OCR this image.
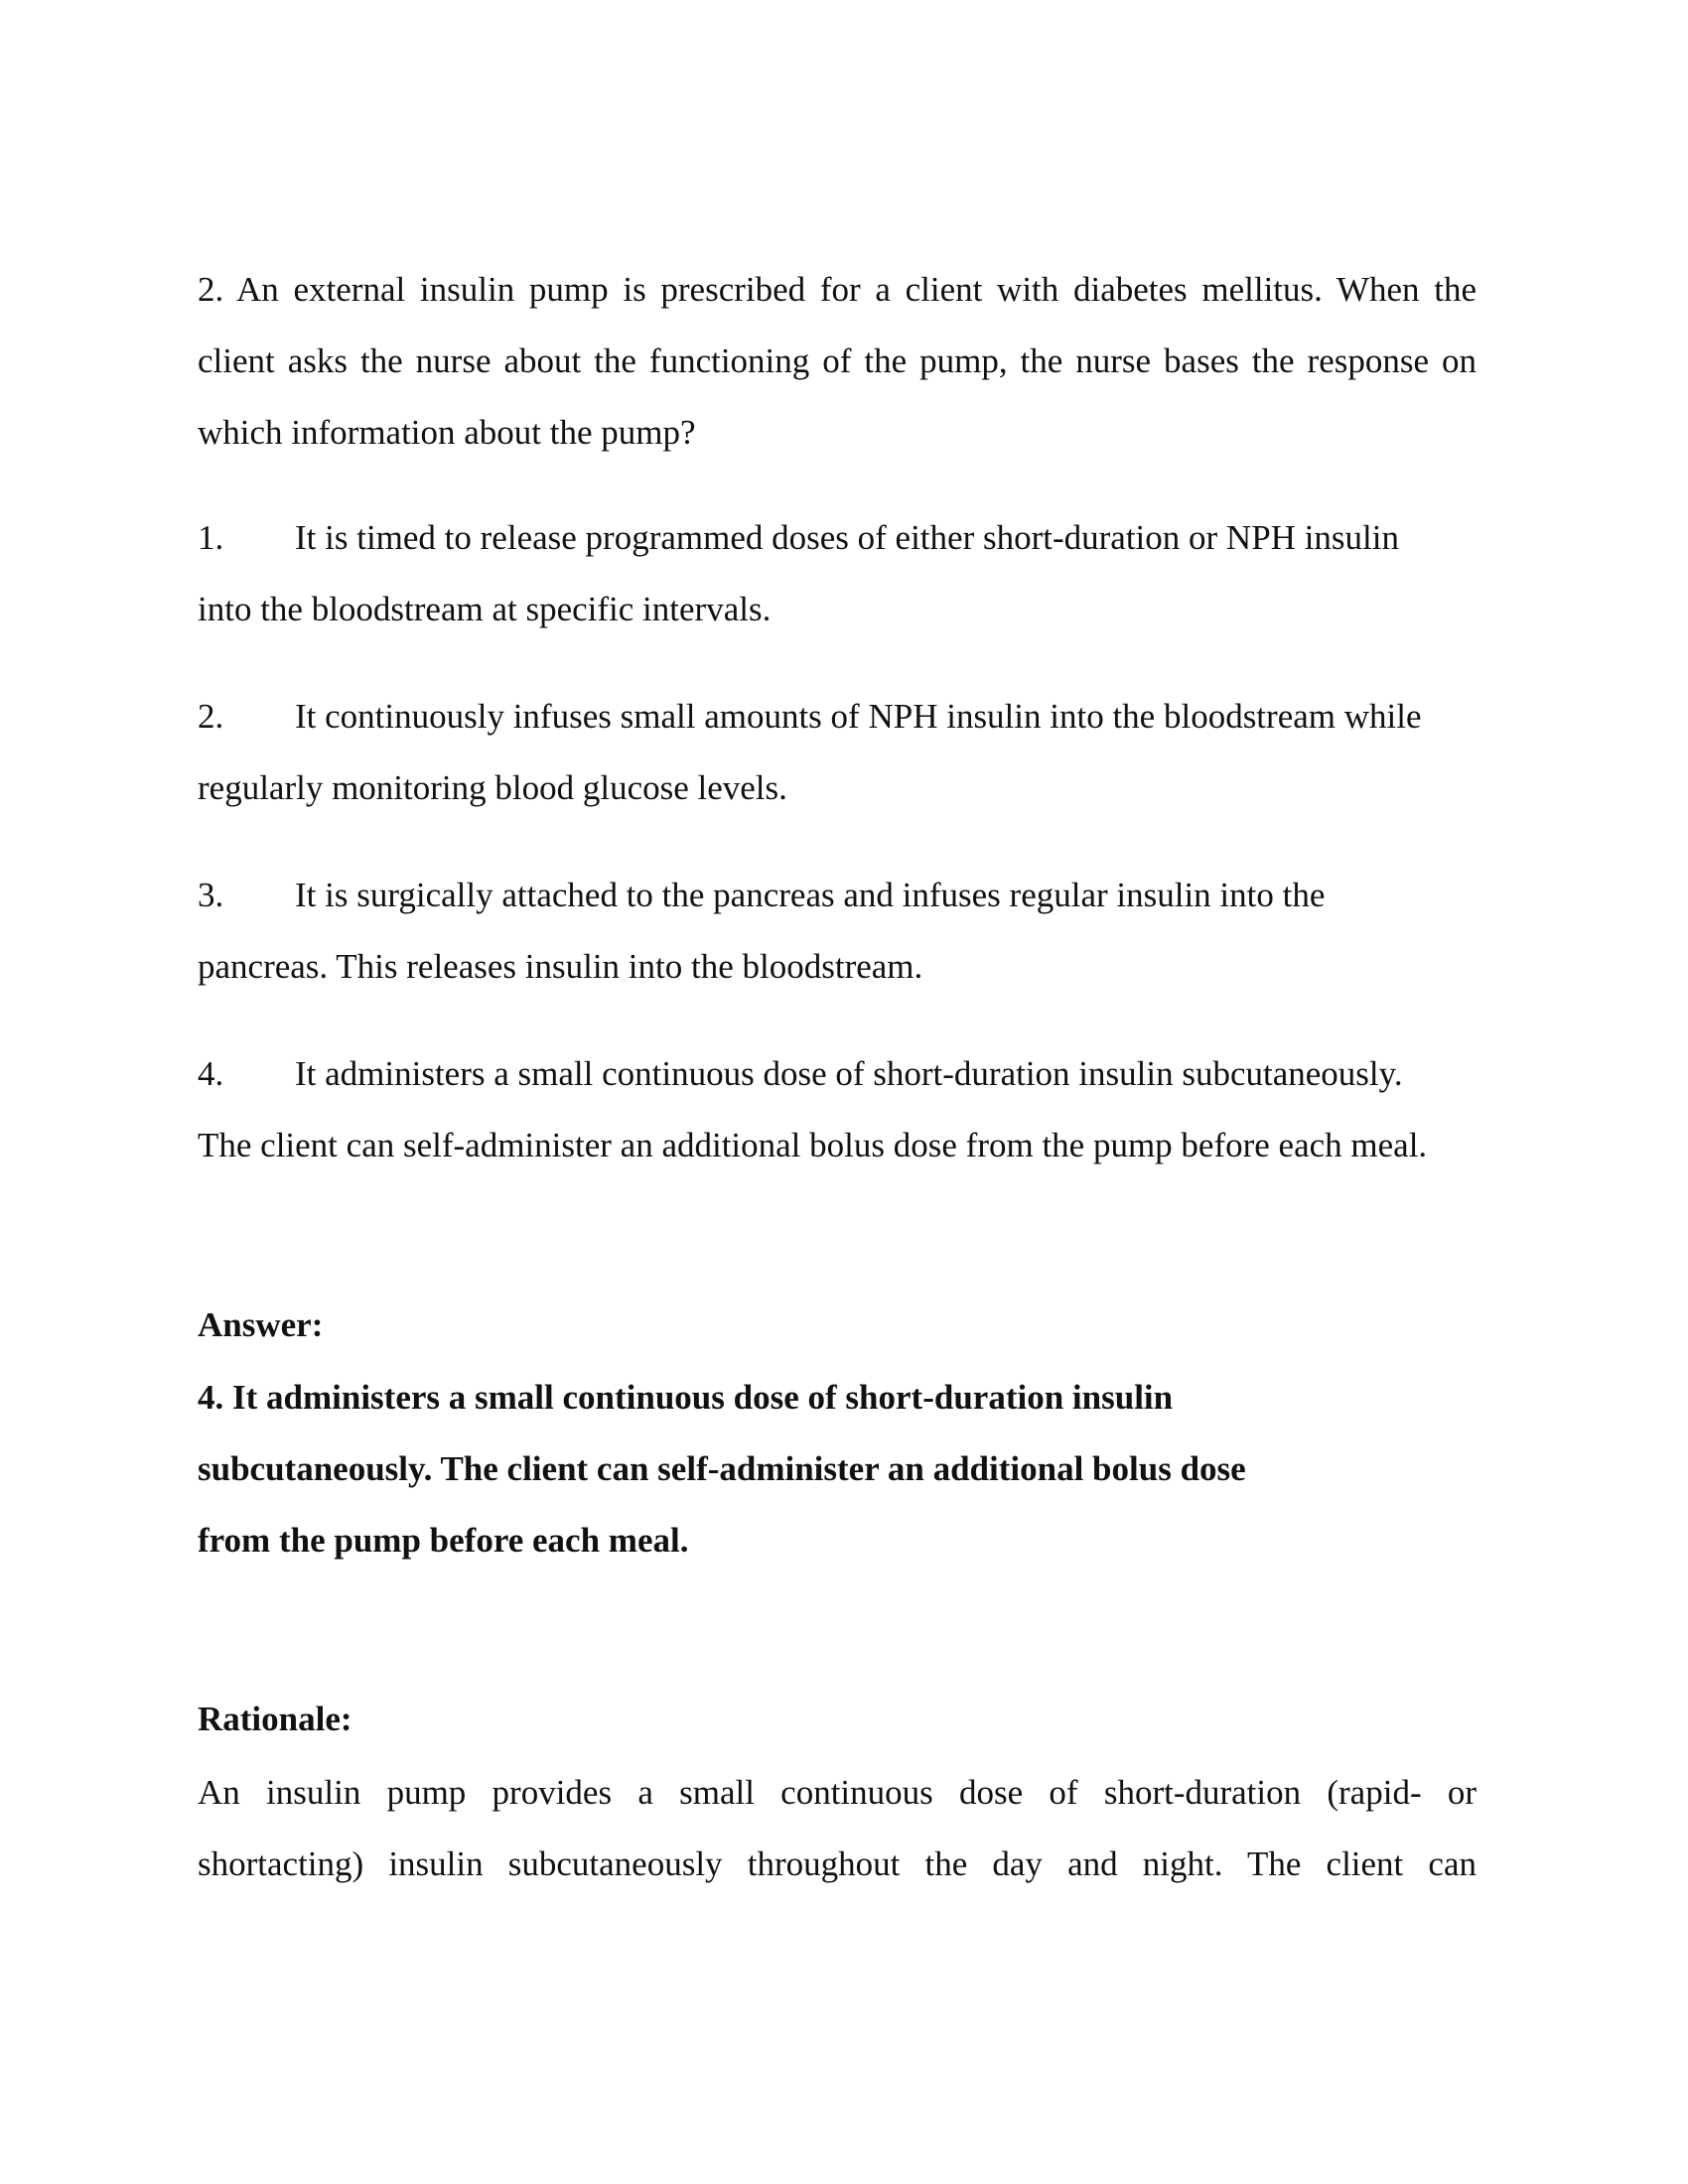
2. An external insulin pump is prescribed for a client with diabetes mellitus. When the
client asks the nurse about the functioning of the pump, the nurse bases the response on
which information about the pump?
1. It is timed to release programmed doses of either short-duration or NPH insulin
into the bloodstream at specific intervals.
2. It continuously infuses small amounts of NPH insulin into the bloodstream while
regularly monitoring blood glucose levels.
3. It is surgically attached to the pancreas and infuses regular insulin into the
pancreas. This releases insulin into the bloodstream.
4. It administers a small continuous dose of short-duration insulin subcutaneously.
The client can self-administer an additional bolus dose from the pump before each meal.
Answer:
4. It administers a small continuous dose of short-duration insulin
subcutaneously. The client can self-administer an additional bolus dose
from the pump before each meal.
Rationale:
An insulin pump provides a small continuous dose of short-duration (rapid- or
shortacting) insulin subcutaneously throughout the day and night. The client can
